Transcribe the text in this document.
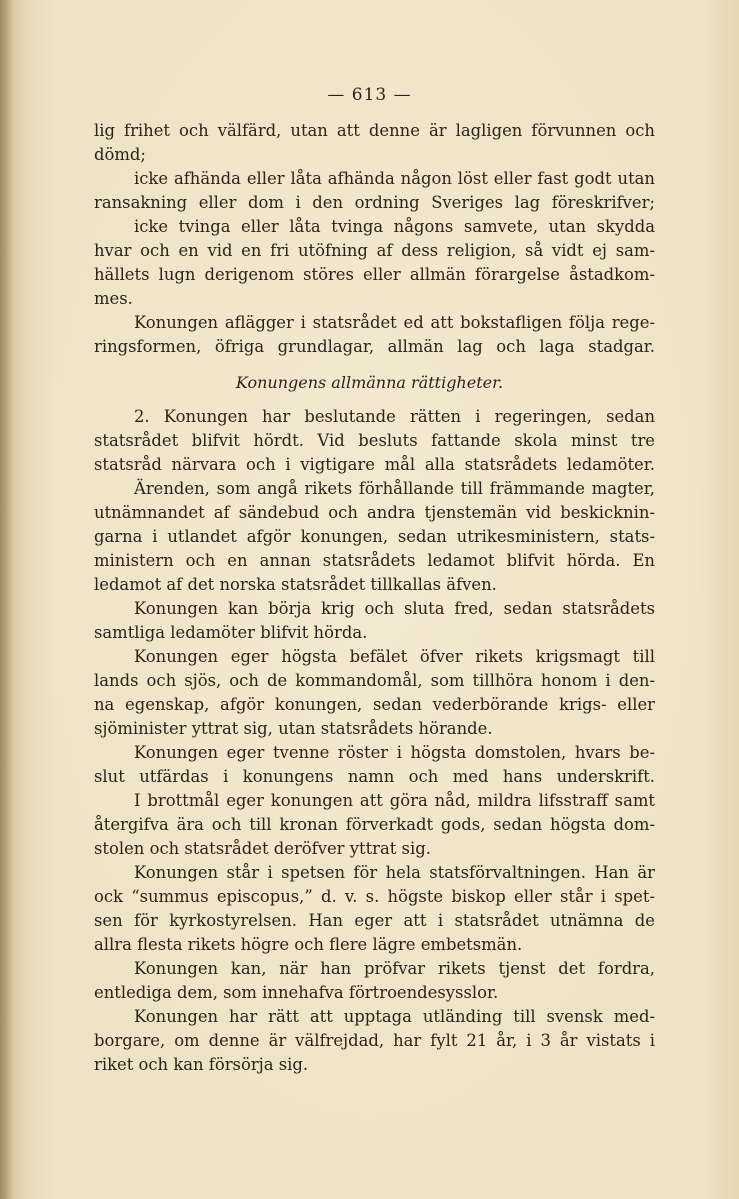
— 613 —
lig frihet och välfärd, utan att denne är lagligen förvunnen och
dömd;
icke afhända eller låta afhända någon löst eller fast godt utan
ransakning eller dom i den ordning Sveriges lag föreskrifver;
icke tvinga eller låta tvinga någons samvete, utan skydda
hvar och en vid en fri utöfning af dess religion, så vidt ej sam-
hällets lugn derigenom störes eller allmän förargelse åstadkom-
mes.
Konungen aflägger i statsrådet ed att bokstafligen följa rege-
ringsformen, öfriga grundlagar, allmän lag och laga stadgar.
Konungens allmänna rättigheter.
2. Konungen har beslutande rätten i regeringen, sedan
statsrådet blifvit hördt. Vid besluts fattande skola minst tre
statsråd närvara och i vigtigare mål alla statsrådets ledamöter.
Ärenden, som angå rikets förhållande till främmande magter,
utnämnandet af sändebud och andra tjenstemän vid beskicknin-
garna i utlandet afgör konungen, sedan utrikesministern, stats-
ministern och en annan statsrådets ledamot blifvit hörda. En
ledamot af det norska statsrådet tillkallas äfven.
Konungen kan börja krig och sluta fred, sedan statsrådets
samtliga ledamöter blifvit hörda.
Konungen eger högsta befälet öfver rikets krigsmagt till
lands och sjös, och de kommandomål, som tillhöra honom i den-
na egenskap, afgör konungen, sedan vederbörande krigs- eller
sjöminister yttrat sig, utan statsrådets hörande.
Konungen eger tvenne röster i högsta domstolen, hvars be-
slut utfärdas i konungens namn och med hans underskrift.
I brottmål eger konungen att göra nåd, mildra lifsstraff samt
återgifva ära och till kronan förverkadt gods, sedan högsta dom-
stolen och statsrådet deröfver yttrat sig.
Konungen står i spetsen för hela statsförvaltningen. Han är
ock “summus episcopus,” d. v. s. högste biskop eller står i spet-
sen för kyrkostyrelsen. Han eger att i statsrådet utnämna de
allra flesta rikets högre och flere lägre embetsmän.
Konungen kan, när han pröfvar rikets tjenst det fordra,
entlediga dem, som innehafva förtroendesysslor.
Konungen har rätt att upptaga utländing till svensk med-
borgare, om denne är välfrejdad, har fylt 21 år, i 3 år vistats i
riket och kan försörja sig.
